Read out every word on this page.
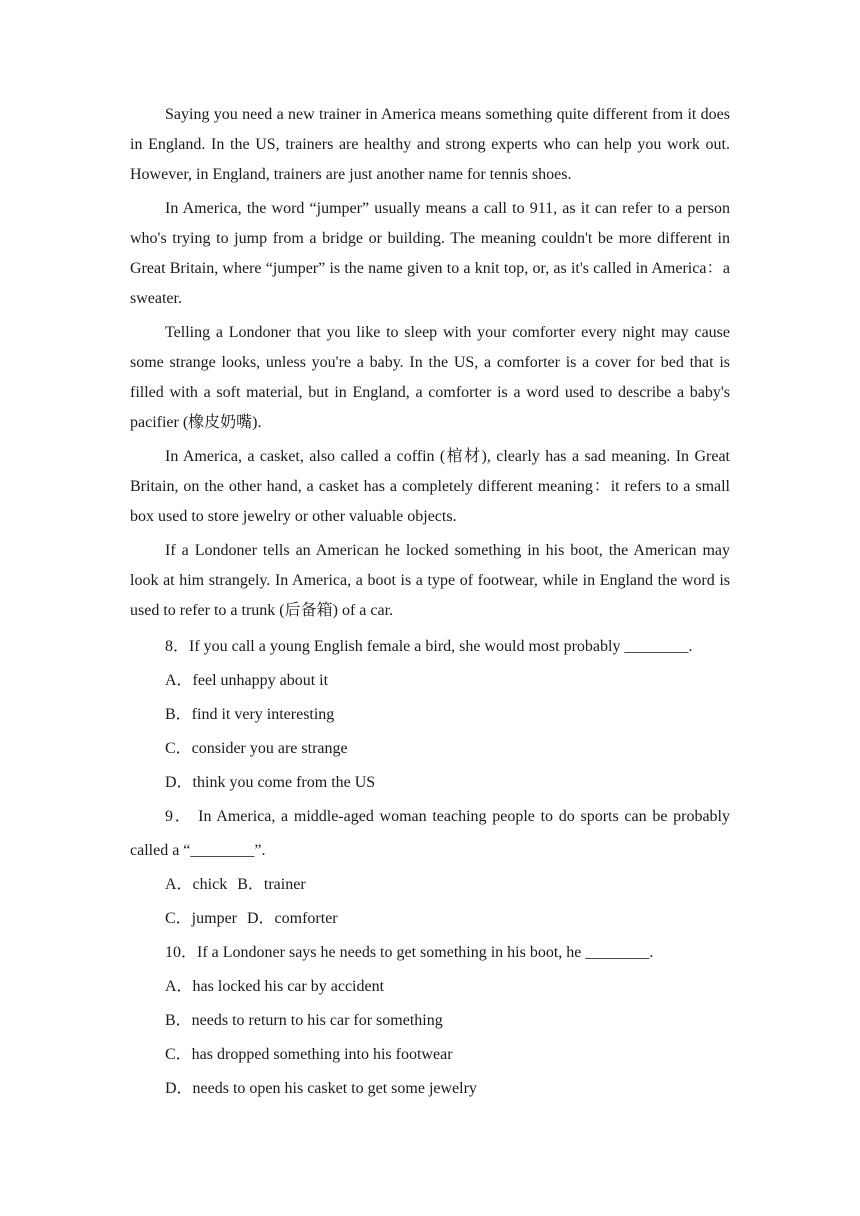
Saying you need a new trainer in America means something quite different from it does in England. In the US, trainers are healthy and strong experts who can help you work out. However, in England, trainers are just another name for tennis shoes.

In America, the word “jumper” usually means a call to 911, as it can refer to a person who's trying to jump from a bridge or building. The meaning couldn't be more different in Great Britain, where “jumper” is the name given to a knit top, or, as it's called in America：a sweater.

Telling a Londoner that you like to sleep with your comforter every night may cause some strange looks, unless you're a baby. In the US, a comforter is a cover for bed that is filled with a soft material, but in England, a comforter is a word used to describe a baby's pacifier (橡皮奶嘴).

In America, a casket, also called a coffin (棺材), clearly has a sad meaning. In Great Britain, on the other hand, a casket has a completely different meaning：it refers to a small box used to store jewelry or other valuable objects.

If a Londoner tells an American he locked something in his boot, the American may look at him strangely. In America, a boot is a type of footwear, while in England the word is used to refer to a trunk (后备箱) of a car.

8．If you call a young English female a bird, she would most probably ________.

A．feel unhappy about it

B．find it very interesting

C．consider you are strange

D．think you come from the US

9． In America, a middle-aged woman teaching people to do sports can be probably called a “________”.

A．chick B．trainer

C．jumper D．comforter

10．If a Londoner says he needs to get something in his boot, he ________.

A．has locked his car by accident

B．needs to return to his car for something

C．has dropped something into his footwear

D．needs to open his casket to get some jewelry
